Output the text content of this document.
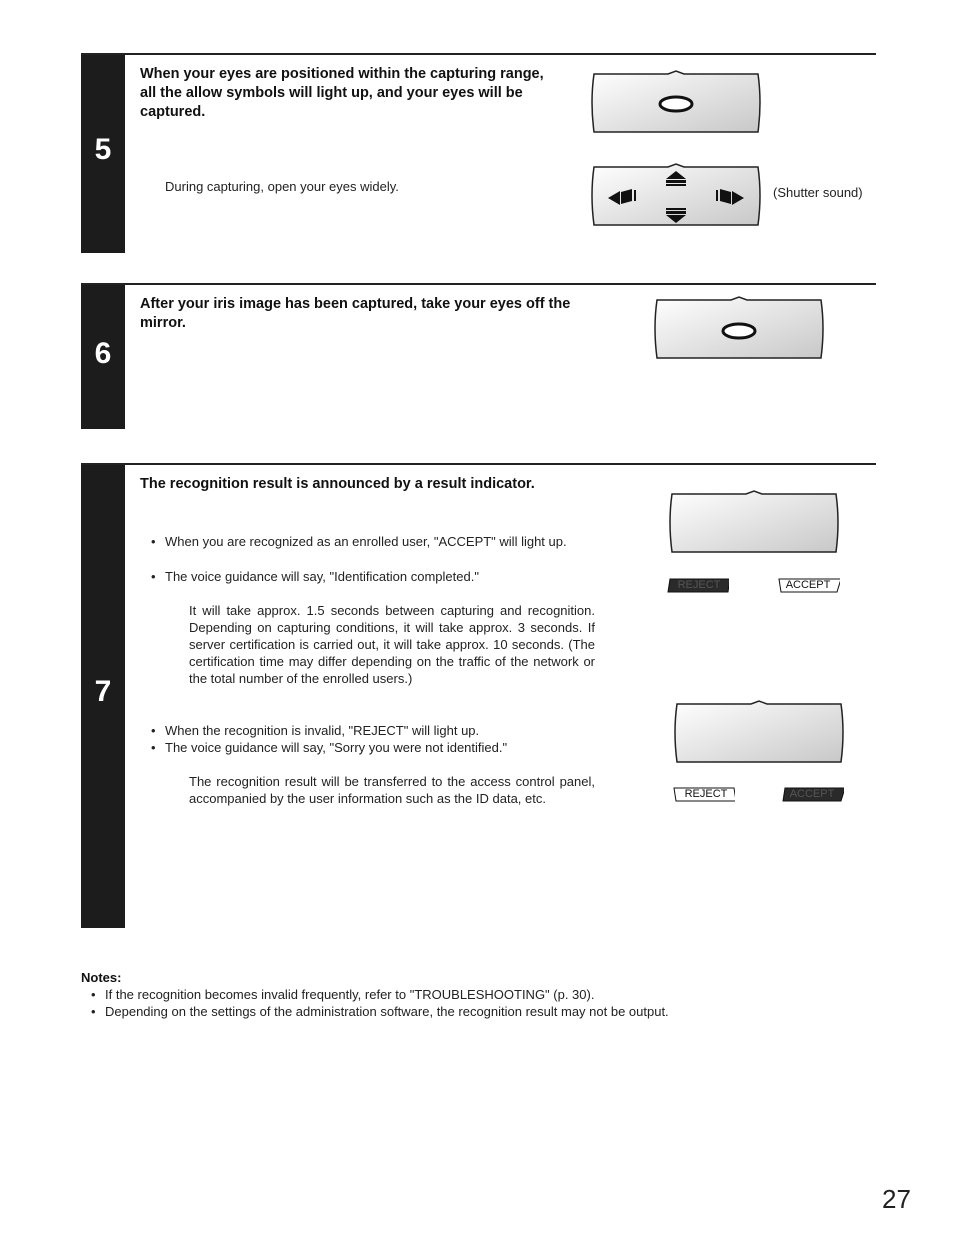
5
When your eyes are positioned within the capturing range, all the allow symbols will light up, and your eyes will be captured.
During capturing, open your eyes widely.	(Shutter sound)
6
After your iris image has been captured, take your eyes off the mirror.
7
The recognition result is announced by a result indicator.
• When you are recognized as an enrolled user, "ACCEPT" will light up.
• The voice guidance will say, "Identification completed."
It will take approx. 1.5 seconds between capturing and recognition. Depending on capturing conditions, it will take approx. 3 seconds. If server certification is carried out, it will take approx. 10 seconds. (The certification time may differ depending on the traffic of the network or the total number of the enrolled users.)
• When the recognition is invalid, "REJECT" will light up.
• The voice guidance will say, "Sorry you were not identified."
The recognition result will be transferred to the access control panel, accompanied by the user information such as the ID data, etc.
REJECT	ACCEPT
REJECT	ACCEPT
Notes:
• If the recognition becomes invalid frequently, refer to "TROUBLESHOOTING" (p. 30).
• Depending on the settings of the administration software, the recognition result may not be output.
27
